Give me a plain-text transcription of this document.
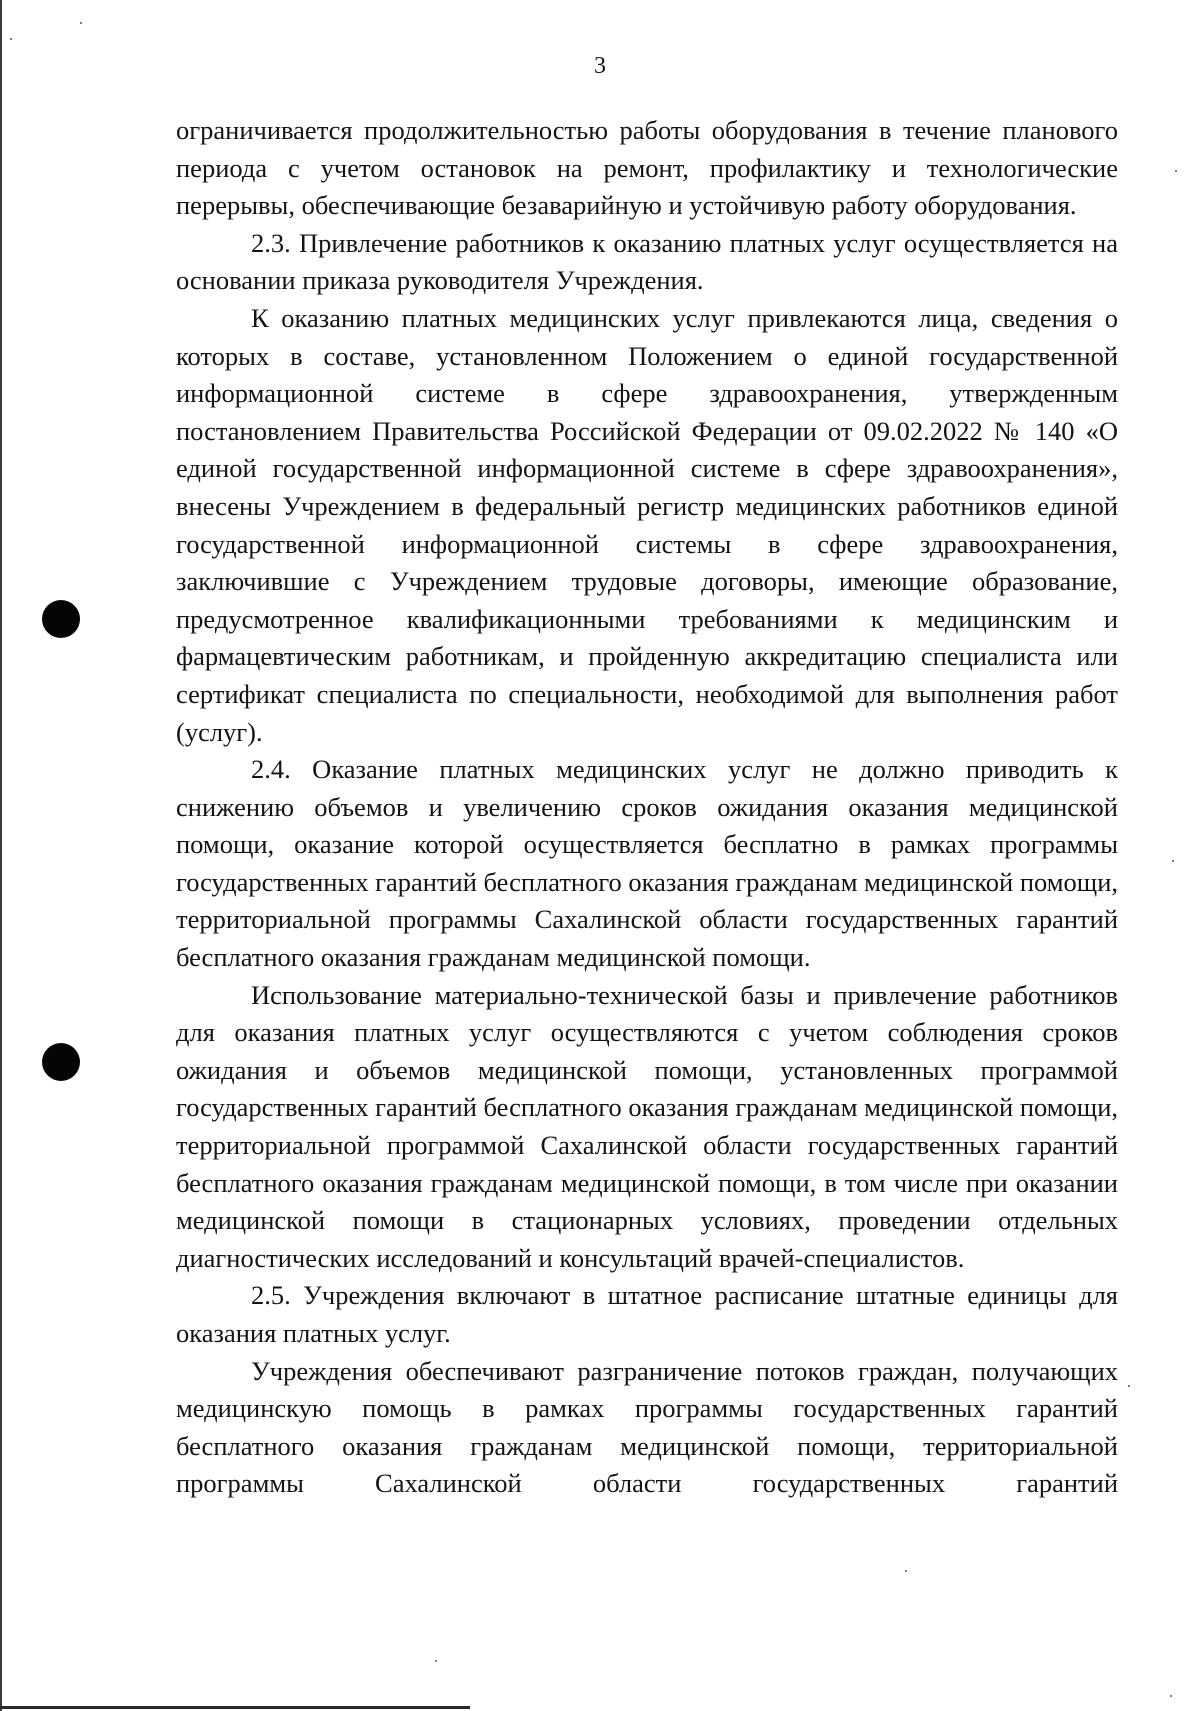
3

ограничивается продолжительностью работы оборудования в течение планового периода с учетом остановок на ремонт, профилактику и технологические перерывы, обеспечивающие безаварийную и устойчивую работу оборудования.

2.3. Привлечение работников к оказанию платных услуг осуществляется на основании приказа руководителя Учреждения.

К оказанию платных медицинских услуг привлекаются лица, сведения о которых в составе, установленном Положением о единой государственной информационной системе в сфере здравоохранения, утвержденным постановлением Правительства Российской Федерации от 09.02.2022 № 140 «О единой государственной информационной системе в сфере здравоохранения», внесены Учреждением в федеральный регистр медицинских работников единой государственной информационной системы в сфере здравоохранения, заключившие с Учреждением трудовые договоры, имеющие образование, предусмотренное квалификационными требованиями к медицинским и фармацевтическим работникам, и пройденную аккредитацию специалиста или сертификат специалиста по специальности, необходимой для выполнения работ (услуг).

2.4. Оказание платных медицинских услуг не должно приводить к снижению объемов и увеличению сроков ожидания оказания медицинской помощи, оказание которой осуществляется бесплатно в рамках программы государственных гарантий бесплатного оказания гражданам медицинской помощи, территориальной программы Сахалинской области государственных гарантий бесплатного оказания гражданам медицинской помощи.

Использование материально-технической базы и привлечение работников для оказания платных услуг осуществляются с учетом соблюдения сроков ожидания и объемов медицинской помощи, установленных программой государственных гарантий бесплатного оказания гражданам медицинской помощи, территориальной программой Сахалинской области государственных гарантий бесплатного оказания гражданам медицинской помощи, в том числе при оказании медицинской помощи в стационарных условиях, проведении отдельных диагностических исследований и консультаций врачей-специалистов.

2.5. Учреждения включают в штатное расписание штатные единицы для оказания платных услуг.

Учреждения обеспечивают разграничение потоков граждан, получающих медицинскую помощь в рамках программы государственных гарантий бесплатного оказания гражданам медицинской помощи, территориальной программы Сахалинской области государственных гарантий
